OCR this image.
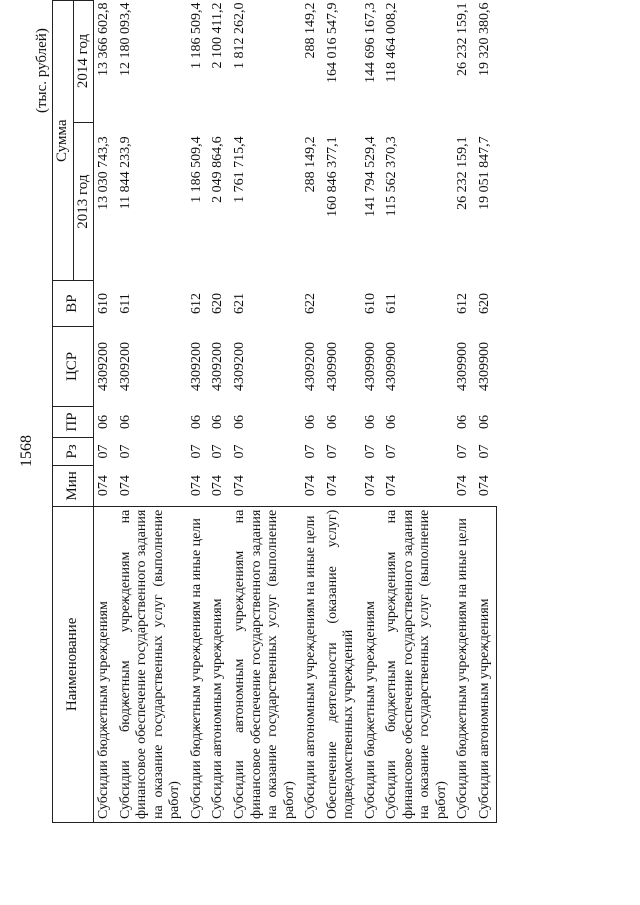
1568
(тыс. рублей)
Наименование	Мин	Рз	ПР	ЦСР	ВР	Сумма	
						2013 год	2014 год
Субсидии бюджетным учреждениям	074	07	06	4309200	610	13 030 743,3	13 366 602,8
Субсидии бюджетным учреждениям на финансовое обеспечение государственного задания на оказание государственных услуг (выполнение работ)	074	07	06	4309200	611	11 844 233,9	12 180 093,4
Субсидии бюджетным учреждениям на иные цели	074	07	06	4309200	612	1 186 509,4	1 186 509,4
Субсидии автономным учреждениям	074	07	06	4309200	620	2 049 864,6	2 100 411,2
Субсидии автономным учреждениям на финансовое обеспечение государственного задания на оказание государственных услуг (выполнение работ)	074	07	06	4309200	621	1 761 715,4	1 812 262,0
Субсидии автономным учреждениям на иные цели	074	07	06	4309200	622	288 149,2	288 149,2
Обеспечение деятельности (оказание услуг) подведомственных учреждений	074	07	06	4309900		160 846 377,1	164 016 547,9
Субсидии бюджетным учреждениям	074	07	06	4309900	610	141 794 529,4	144 696 167,3
Субсидии бюджетным учреждениям на финансовое обеспечение государственного задания на оказание государственных услуг (выполнение работ)	074	07	06	4309900	611	115 562 370,3	118 464 008,2
Субсидии бюджетным учреждениям на иные цели	074	07	06	4309900	612	26 232 159,1	26 232 159,1
Субсидии автономным учреждениям	074	07	06	4309900	620	19 051 847,7	19 320 380,6
